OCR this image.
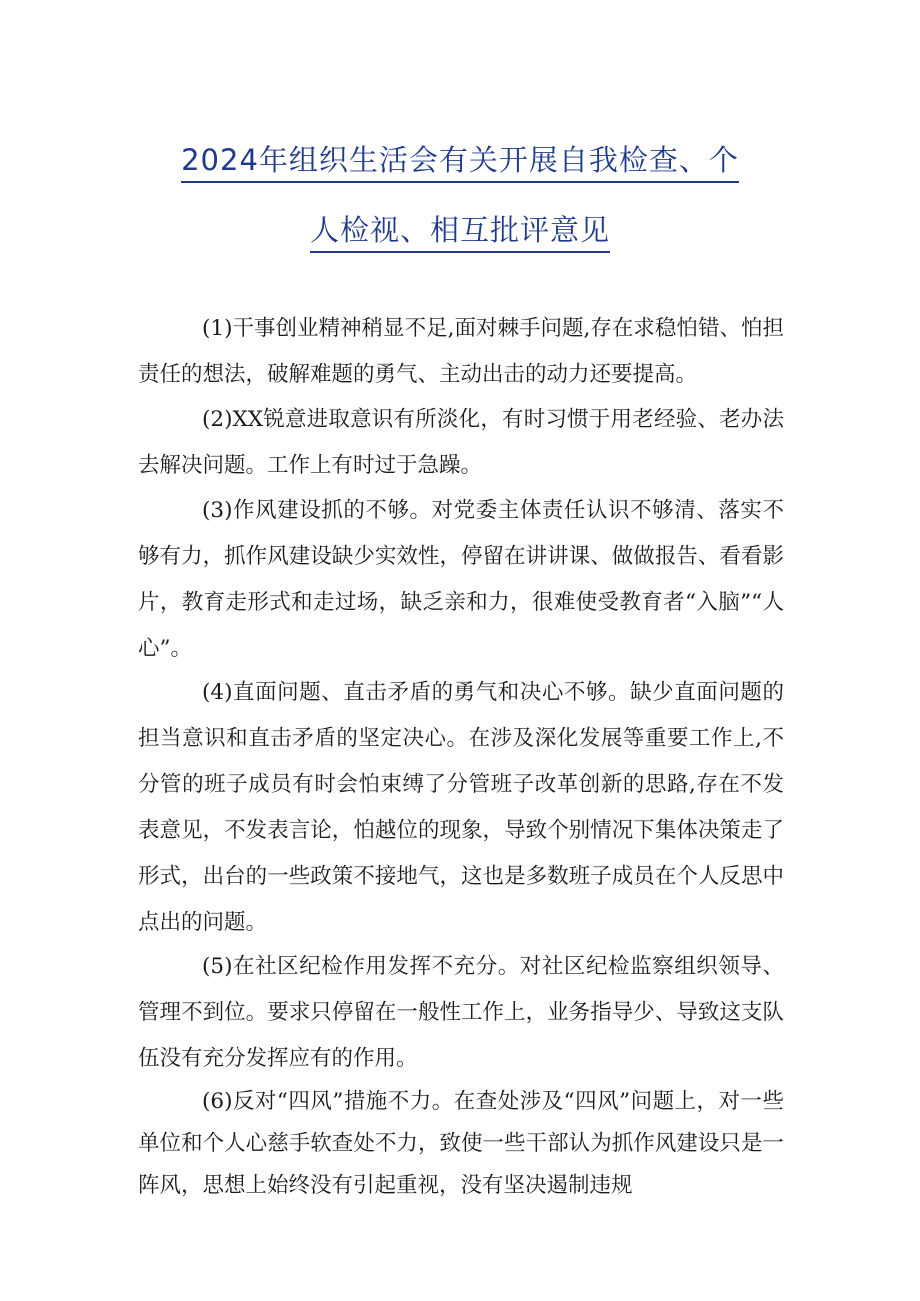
2024年组织生活会有关开展自我检查、个
人检视、相互批评意见

(1)干事创业精神稍显不足,面对棘手问题,存在求稳怕错、怕担责任的想法，破解难题的勇气、主动出击的动力还要提高。

(2)XX锐意进取意识有所淡化，有时习惯于用老经验、老办法去解决问题。工作上有时过于急躁。

(3)作风建设抓的不够。对党委主体责任认识不够清、落实不够有力，抓作风建设缺少实效性，停留在讲讲课、做做报告、看看影片，教育走形式和走过场，缺乏亲和力，很难使受教育者“入脑”“人心”。

(4)直面问题、直击矛盾的勇气和决心不够。缺少直面问题的担当意识和直击矛盾的坚定决心。在涉及深化发展等重要工作上,不分管的班子成员有时会怕束缚了分管班子改革创新的思路,存在不发表意见，不发表言论，怕越位的现象，导致个别情况下集体决策走了形式，出台的一些政策不接地气，这也是多数班子成员在个人反思中点出的问题。

(5)在社区纪检作用发挥不充分。对社区纪检监察组织领导、管理不到位。要求只停留在一般性工作上，业务指导少、导致这支队伍没有充分发挥应有的作用。

(6)反对“四风”措施不力。在查处涉及“四风”问题上，对一些单位和个人心慈手软查处不力，致使一些干部认为抓作风建设只是一阵风，思想上始终没有引起重视，没有坚决遏制违规
